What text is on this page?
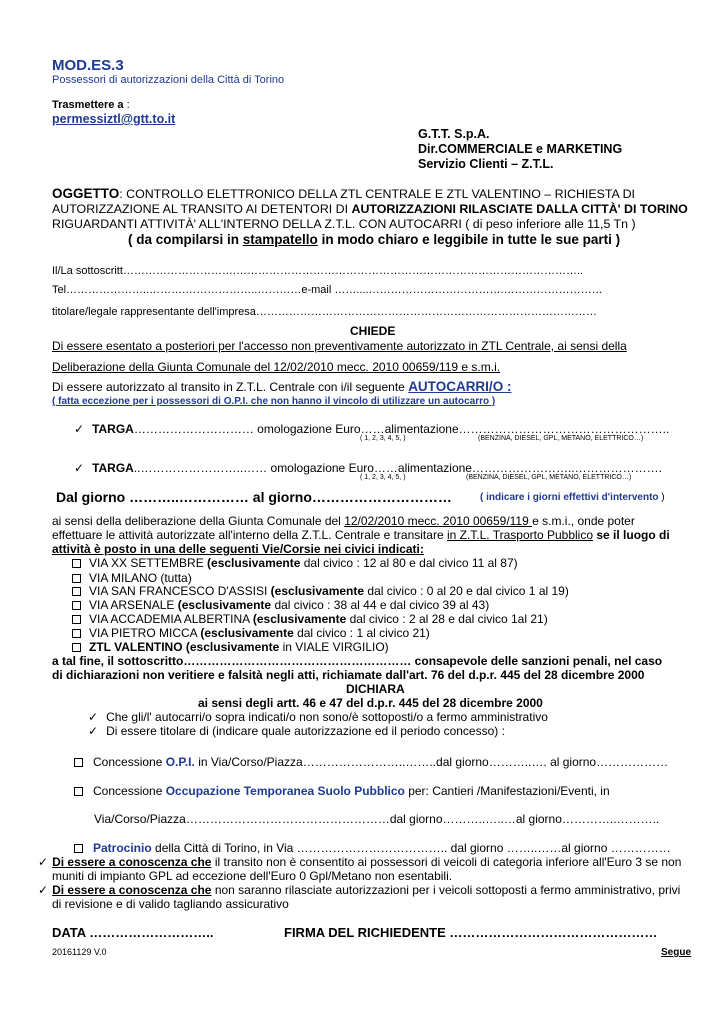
MOD.ES.3
Possessori di autorizzazioni della Città di Torino
Trasmettere a :
permessiztl@gtt.to.it
G.T.T. S.p.A.
Dir.COMMERCIALE e MARKETING
Servizio Clienti – Z.T.L.
OGGETTO: CONTROLLO ELETTRONICO DELLA ZTL CENTRALE E ZTL VALENTINO – RICHIESTA DI
AUTORIZZAZIONE AL TRANSITO AI DETENTORI DI AUTORIZZAZIONI RILASCIATE DALLA CITTÀ' DI TORINO
RIGUARDANTI ATTIVITÀ' ALL'INTERNO DELLA Z.T.L. CON AUTOCARRI ( di peso inferiore alle 11,5 Tn )
( da compilarsi in stampatello in modo chiaro e leggibile in tutte le sue parti )
Il/La sottoscritt………………………….…………………………………………………………………………………..
Tel…………………..……….………………..…………e-mail ……....……………………………….………………………
titolare/legale rappresentante dell'impresa…………………………………………………………………………………
CHIEDE
Di essere esentato a posteriori per l'accesso non preventivamente autorizzato in ZTL Centrale, ai sensi della
Deliberazione della Giunta Comunale del 12/02/2010 mecc. 2010 00659/119 e s.m.i.
Di essere autorizzato al transito in Z.T.L. Centrale con i/il seguente AUTOCARRI/O :
( fatta eccezione per i possessori di O.P.I. che non hanno il vincolo di utilizzare un autocarro )
✓ TARGA………………………… omologazione Euro……alimentazione……………………………………………..
( 1, 2, 3, 4, 5, )	(BENZINA, DIESEL, GPL, METANO, ELETTRICO…)
✓ TARGA..……………………..…… omologazione Euro……alimentazione……………………..………………….
( 1, 2, 3, 4, 5, )	(BENZINA, DIESEL, GPL, METANO, ELETTRICO…)
Dal giorno ………..…………… al giorno…………………………	( indicare i giorni effettivi d'intervento )
ai sensi della deliberazione della Giunta Comunale del 12/02/2010 mecc. 2010 00659/119 e s.m.i., onde poter
effettuare le attività autorizzate all'interno della Z.T.L. Centrale e transitare in Z.T.L. Trasporto Pubblico se il luogo di
attività è posto in una delle seguenti Vie/Corsie nei civici indicati:
VIA XX SETTEMBRE (esclusivamente dal civico : 12 al 80 e dal civico 11 al 87)
VIA MILANO (tutta)
VIA SAN FRANCESCO D'ASSISI (esclusivamente dal civico : 0 al 20 e dal civico 1 al 19)
VIA ARSENALE (esclusivamente dal civico : 38 al 44 e dal civico 39 al 43)
VIA ACCADEMIA ALBERTINA (esclusivamente dal civico : 2 al 28 e dal civico 1al 21)
VIA PIETRO MICCA (esclusivamente dal civico : 1 al civico 21)
ZTL VALENTINO (esclusivamente in VIALE VIRGILIO)
a tal fine, il sottoscritto………………………………………………… consapevole delle sanzioni penali, nel caso
di dichiarazioni non veritiere e falsità negli atti, richiamate dall'art. 76 del d.p.r. 445 del 28 dicembre 2000
DICHIARA
ai sensi degli artt. 46 e 47 del d.p.r. 445 del 28 dicembre 2000
✓ Che gli/l' autocarri/o sopra indicati/o non sono/è sottoposti/o a fermo amministrativo
✓ Di essere titolare di (indicare quale autorizzazione ed il periodo concesso) :
Concessione O.P.I. in Via/Corso/Piazza……………………..……..dal giorno………..…. al giorno………………
Concessione Occupazione Temporanea Suolo Pubblico per: Cantieri /Manifestazioni/Eventi, in
Via/Corso/Piazza……………………………………………dal giorno………..…..…al giorno…………..………..
Patrocinio della Città di Torino, in Via ……………………………….. dal giorno ……..……al giorno ……………
✓ Di essere a conoscenza che il transito non è consentito ai possessori di veicoli di categoria inferiore all'Euro 3 se non
muniti di impianto GPL ad eccezione dell'Euro 0 Gpl/Metano non esentabili.
✓ Di essere a conoscenza che non saranno rilasciate autorizzazioni per i veicoli sottoposti a fermo amministrativo, privi
di revisione e di valido tagliando assicurativo
DATA ………………………..	FIRMA DEL RICHIEDENTE …………………………………………
20161129 V.0	Segue
